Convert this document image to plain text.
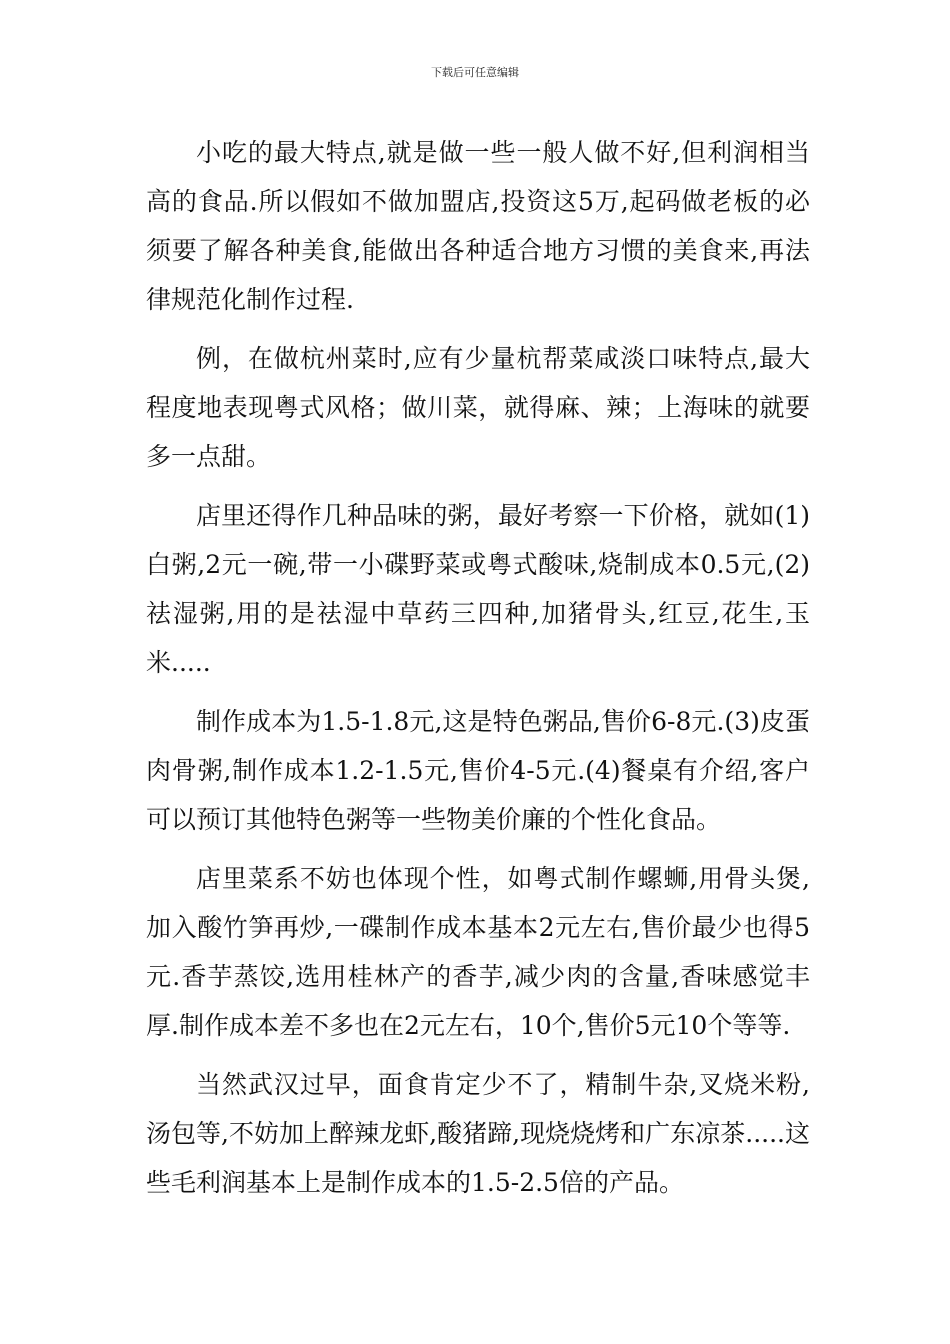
下载后可任意编辑

小吃的最大特点,就是做一些一般人做不好,但利润相当高的食品.所以假如不做加盟店,投资这5万,起码做老板的必须要了解各种美食,能做出各种适合地方习惯的美食来,再法律规范化制作过程.

例，在做杭州菜时,应有少量杭帮菜咸淡口味特点,最大程度地表现粤式风格；做川菜，就得麻、辣；上海味的就要多一点甜。

店里还得作几种品味的粥，最好考察一下价格，就如(1)白粥,2元一碗,带一小碟野菜或粤式酸味,烧制成本0.5元,(2)祛湿粥,用的是祛湿中草药三四种,加猪骨头,红豆,花生,玉米.....

制作成本为1.5-1.8元,这是特色粥品,售价6-8元.(3)皮蛋肉骨粥,制作成本1.2-1.5元,售价4-5元.(4)餐桌有介绍,客户可以预订其他特色粥等一些物美价廉的个性化食品。

店里菜系不妨也体现个性，如粤式制作螺蛳,用骨头煲,加入酸竹笋再炒,一碟制作成本基本2元左右,售价最少也得5元.香芋蒸饺,选用桂林产的香芋,减少肉的含量,香味感觉丰厚.制作成本差不多也在2元左右，10个,售价5元10个等等.

当然武汉过早，面食肯定少不了，精制牛杂,叉烧米粉,汤包等,不妨加上醉辣龙虾,酸猪蹄,现烧烧烤和广东凉茶.....这些毛利润基本上是制作成本的1.5-2.5倍的产品。
